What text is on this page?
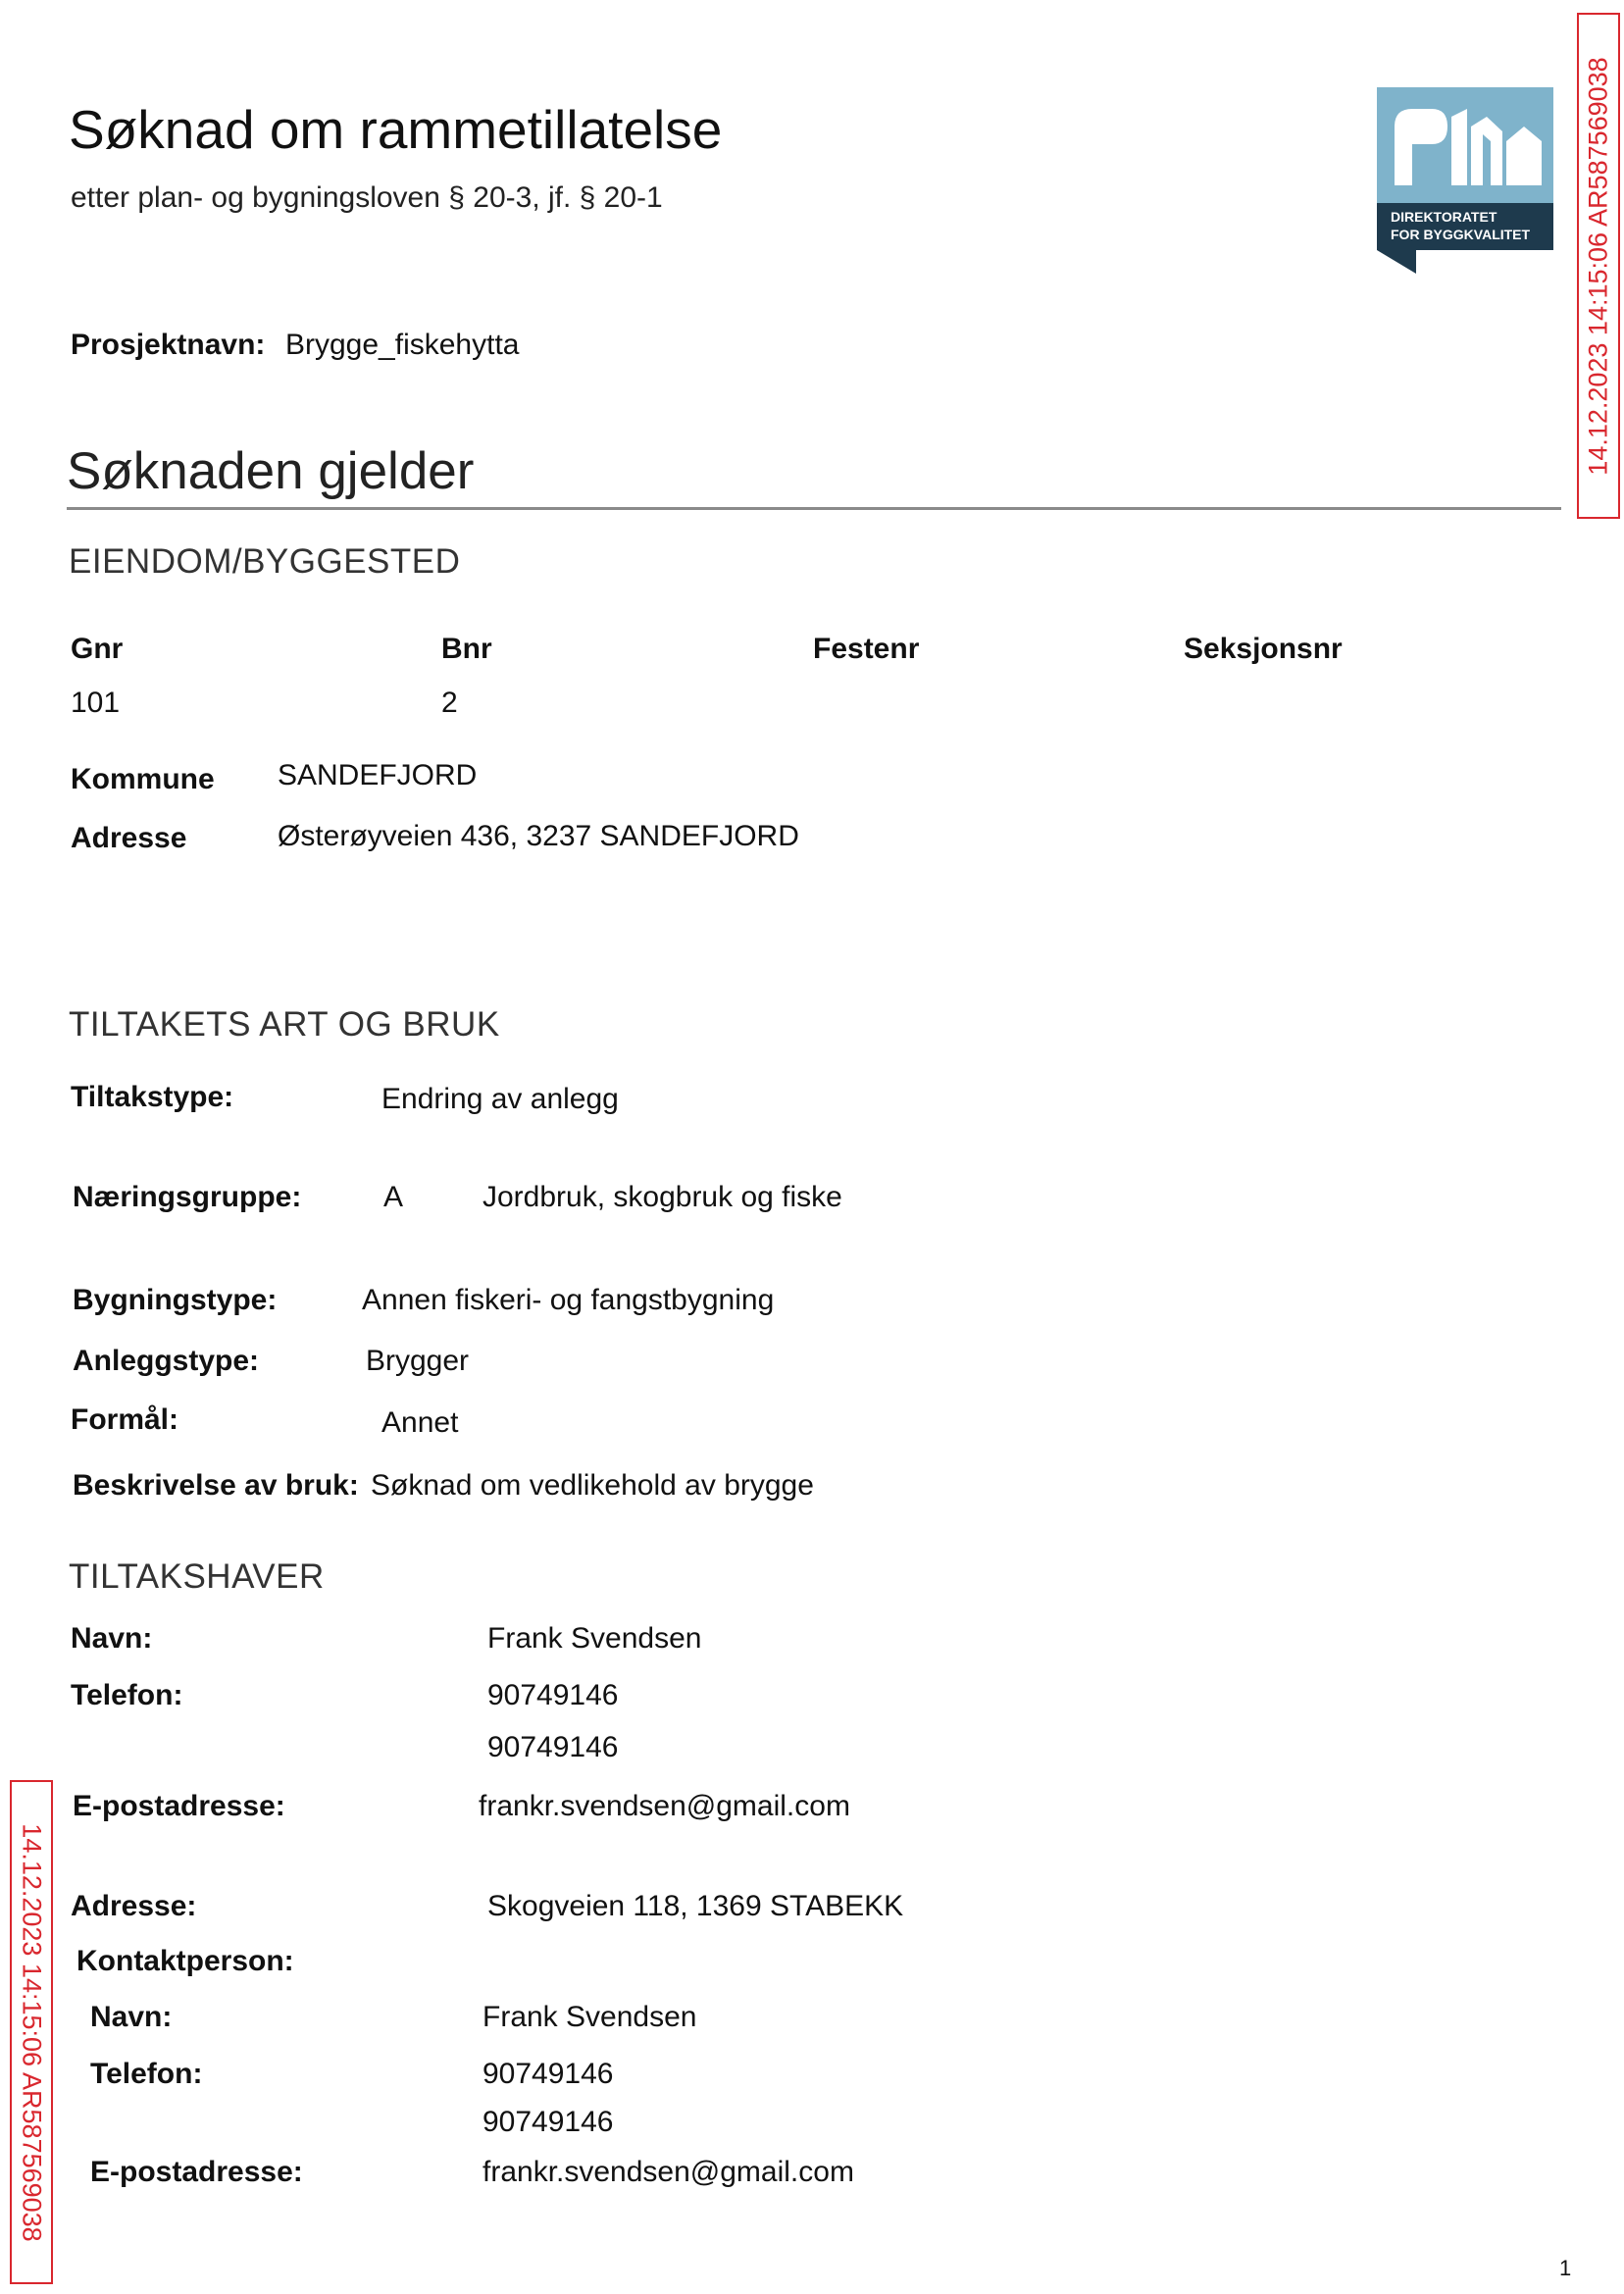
Søknad om rammetillatelse
etter plan- og bygningsloven § 20-3, jf. § 20-1
DIREKTORATET
FOR BYGGKVALITET 14.12.2023 14:15:06 AR587569038
14.12.2023 14:15:06 AR587569038
Prosjektnavn: Brygge_fiskehytta
Søknaden gjelder
EIENDOM/BYGGESTED
Gnr	Bnr	Festenr	Seksjonsnr
101	2
Kommune SANDEFJORD
Adresse	Østerøyveien 436, 3237 SANDEFJORD
TILTAKETS ART OG BRUK
Tiltakstype:	Endring av anlegg
Næringsgruppe:	A	Jordbruk, skogbruk og fiske
Bygningstype:	Annen fiskeri- og fangstbygning
Anleggstype:	Brygger
Formål:	Annet
Beskrivelse av bruk: Søknad om vedlikehold av brygge
TILTAKSHAVER
Navn:	Frank Svendsen
Telefon:	90749146
90749146
E-postadresse:	frankr.svendsen@gmail.com
Adresse:	Skogveien 118, 1369 STABEKK
Kontaktperson:
Navn:	Frank Svendsen
Telefon:	90749146
90749146
E-postadresse:	frankr.svendsen@gmail.com
1
